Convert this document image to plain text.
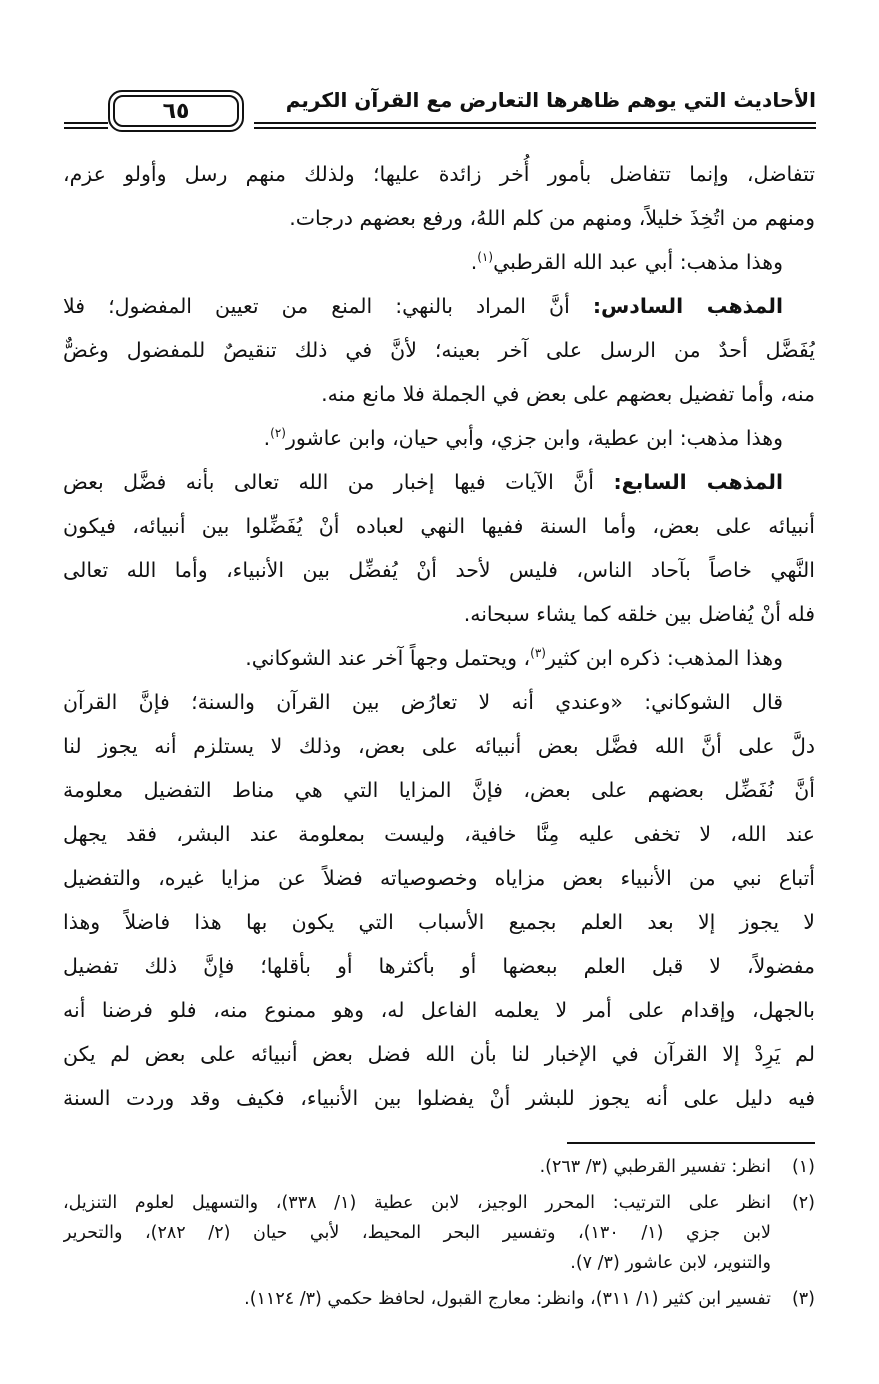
الأحاديث التي يوهم ظاهرها التعارض مع القرآن الكريم
٦٥
تتفاضل، وإنما تتفاضل بأمور أُخر زائدة عليها؛ ولذلك منهم رسل وأولو عزم،
ومنهم من اتُخِذَ خليلاً، ومنهم من كلم اللهُ، ورفع بعضهم درجات.
وهذا مذهب: أبي عبد الله القرطبي$^{(١)}$.
المذهب السادس: أنَّ المراد بالنهي: المنع من تعيين المفضول؛ فلا
يُفَضَّل أحدٌ من الرسل على آخر بعينه؛ لأنَّ في ذلك تنقيصٌ للمفضول وغضٌّ
منه، وأما تفضيل بعضهم على بعض في الجملة فلا مانع منه.
وهذا مذهب: ابن عطية، وابن جزي، وأبي حيان، وابن عاشور$^{(٢)}$.
المذهب السابع: أنَّ الآيات فيها إخبار من الله تعالى بأنه فضَّل بعض
أنبيائه على بعض، وأما السنة ففيها النهي لعباده أنْ يُفَضِّلوا بين أنبيائه، فيكون
النَّهي خاصاً بآحاد الناس، فليس لأحد أنْ يُفضِّل بين الأنبياء، وأما الله تعالى
فله أنْ يُفاضل بين خلقه كما يشاء سبحانه.
وهذا المذهب: ذكره ابن كثير$^{(٣)}$، ويحتمل وجهاً آخر عند الشوكاني.
قال الشوكاني: «وعندي أنه لا تعارُض بين القرآن والسنة؛ فإنَّ القرآن
دلَّ على أنَّ الله فضَّل بعض أنبيائه على بعض، وذلك لا يستلزم أنه يجوز لنا
أنَّ نُفَضِّل بعضهم على بعض، فإنَّ المزايا التي هي مناط التفضيل معلومة
عند الله، لا تخفى عليه مِنَّا خافية، وليست بمعلومة عند البشر، فقد يجهل
أتباع نبي من الأنبياء بعض مزاياه وخصوصياته فضلاً عن مزايا غيره، والتفضيل
لا يجوز إلا بعد العلم بجميع الأسباب التي يكون بها هذا فاضلاً وهذا
مفضولاً، لا قبل العلم ببعضها أو بأكثرها أو بأقلها؛ فإنَّ ذلك تفضيل
بالجهل، وإقدام على أمر لا يعلمه الفاعل له، وهو ممنوع منه، فلو فرضنا أنه
لم يَرِدْ إلا القرآن في الإخبار لنا بأن الله فضل بعض أنبيائه على بعض لم يكن
فيه دليل على أنه يجوز للبشر أنْ يفضلوا بين الأنبياء، فكيف وقد وردت السنة
(١)
انظر: تفسير القرطبي (٣/ ٢٦٣).
(٢)
انظر على الترتيب: المحرر الوجيز، لابن عطية (١/ ٣٣٨)، والتسهيل لعلوم التنزيل،
لابن جزي (١/ ١٣٠)، وتفسير البحر المحيط، لأبي حيان (٢/ ٢٨٢)، والتحرير
والتنوير، لابن عاشور (٣/ ٧).
(٣)
تفسير ابن كثير (١/ ٣١١)، وانظر: معارج القبول، لحافظ حكمي (٣/ ١١٢٤).
